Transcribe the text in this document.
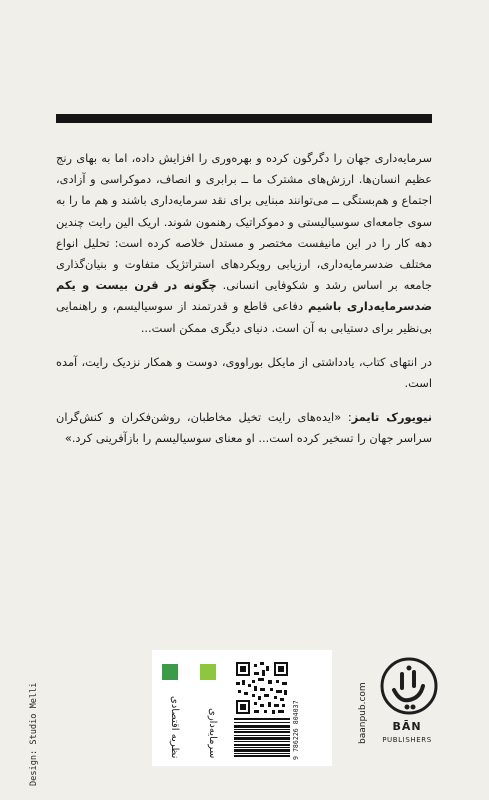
سرمایه‌داری جهان را دگرگون کرده و بهره‌وری را افزایش داده، اما به بهای رنج عظیم انسان‌ها. ارزش‌های مشترک ما ــ برابری و انصاف، دموکراسی و آزادی، اجتماع و هم‌بستگی ــ می‌توانند مبنایی برای نقد سرمایه‌داری باشند و هم ما را به سوی جامعه‌ای سوسیالیستی و دموکراتیک رهنمون شوند. اریک الین رایت چندین دهه کار را در این مانیفست مختصر و مستدل خلاصه کرده است: تحلیل انواع مختلف ضدسرمایه‌داری، ارزیابی رویکردهای استراتژیک متفاوت و بنیان‌گذاری جامعه بر اساس رشد و شکوفایی انسانی. چگونه در قرن بیست و یکم ضدسرمایه‌داری باشیم دفاعی قاطع و قدرتمند از سوسیالیسم، و راهنمایی بی‌نظیر برای دستیابی به آن است. دنیای دیگری ممکن است...

در انتهای کتاب، یادداشتی از مایکل بوراووی، دوست و همکار نزدیک رایت، آمده است.

نیویورک تایمز: «ایده‌های رایت تخیل مخاطبان، روشن‌فکران و کنش‌گران سراسر جهان را تسخیر کرده است... او معنای سوسیالیسم را بازآفرینی کرد.»

Design: Studio Melli	نظریه اقتصادی	سرمایه‌داری	9 786226 804037	baanpub.com	BĀN
PUBLISHERS
